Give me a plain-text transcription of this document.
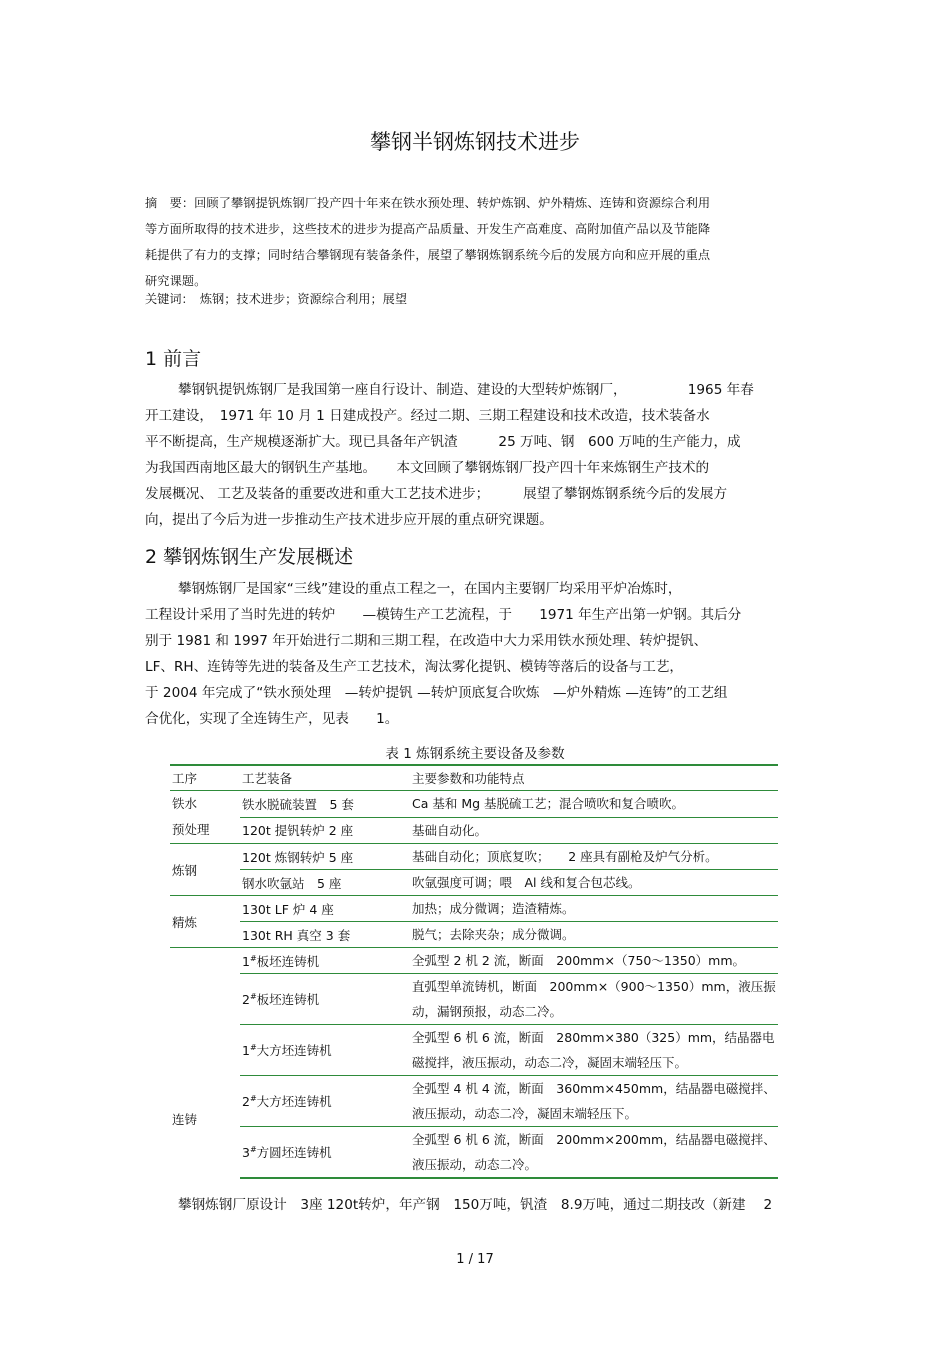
攀钢半钢炼钢技术进步
摘　要：回顾了攀钢提钒炼钢厂投产四十年来在铁水预处理、转炉炼钢、炉外精炼、连铸和资源综合利用
等方面所取得的技术进步，这些技术的进步为提高产品质量、开发生产高难度、高附加值产品以及节能降
耗提供了有力的支撑；同时结合攀钢现有装备条件，展望了攀钢炼钢系统今后的发展方向和应开展的重点
研究课题。
关键词：　炼钢；技术进步；资源综合利用；展望
1 前言
攀钢钒提钒炼钢厂是我国第一座自行设计、制造、建设的大型转炉炼钢厂，　　　　　1965 年春
开工建设，　1971 年 10 月 1 日建成投产。经过二期、三期工程建设和技术改造，技术装备水
平不断提高，生产规模逐渐扩大。现已具备年产钒渣　　　25 万吨、钢　600 万吨的生产能力，成
为我国西南地区最大的钢钒生产基地。　　本文回顾了攀钢炼钢厂投产四十年来炼钢生产技术的
发展概况、 工艺及装备的重要改进和重大工艺技术进步；　　　展望了攀钢炼钢系统今后的发展方
向，提出了今后为进一步推动生产技术进步应开展的重点研究课题。
2 攀钢炼钢生产发展概述
攀钢炼钢厂是国家“三线”建设的重点工程之一，在国内主要钢厂均采用平炉冶炼时，
工程设计采用了当时先进的转炉　　—模铸生产工艺流程，于　　1971 年生产出第一炉钢。其后分
别于 1981 和 1997 年开始进行二期和三期工程，在改造中大力采用铁水预处理、转炉提钒、
LF、RH、连铸等先进的装备及生产工艺技术，淘汰雾化提钒、模铸等落后的设备与工艺，
于 2004 年完成了“铁水预处理　—转炉提钒 —转炉顶底复合吹炼　—炉外精炼 —连铸”的工艺组
合优化，实现了全连铸生产，见表　　1。
表 1 炼钢系统主要设备及参数
工序	工艺装备	主要参数和功能特点

铁水
预处理	铁水脱硫装置　5 套	Ca 基和 Mg 基脱硫工艺；混合喷吹和复合喷吹。
	120t 提钒转炉 2 座	基础自动化。
炼钢	120t 炼钢转炉 5 座	基础自动化；顶底复吹；　　2 座具有副枪及炉气分析。
	钢水吹氩站　5 座	吹氩强度可调；喂　Al 线和复合包芯线。
精炼	130t LF 炉 4 座	加热；成分微调；造渣精炼。
	130t RH 真空 3 套	脱气；去除夹杂；成分微调。
连铸	1#板坯连铸机	全弧型 2 机 2 流，断面　200mm×（750～1350）mm。
	2#板坯连铸机	直弧型单流铸机，断面　200mm×（900～1350）mm，液压振
动，漏钢预报，动态二冷。

	1#大方坯连铸机	全弧型 6 机 6 流，断面　280mm×380（325）mm，结晶器电
磁搅拌，液压振动，动态二冷，凝固末端轻压下。

	2#大方坯连铸机	全弧型 4 机 4 流，断面　360mm×450mm，结晶器电磁搅拌、
液压振动，动态二冷，凝固末端轻压下。

	3#方圆坯连铸机	全弧型 6 机 6 流，断面　200mm×200mm，结晶器电磁搅拌、
液压振动，动态二冷。
攀钢炼钢厂原设计　3座 120t转炉，年产钢　150万吨，钒渣　8.9万吨，通过二期技改（新建　 2
1 / 17
